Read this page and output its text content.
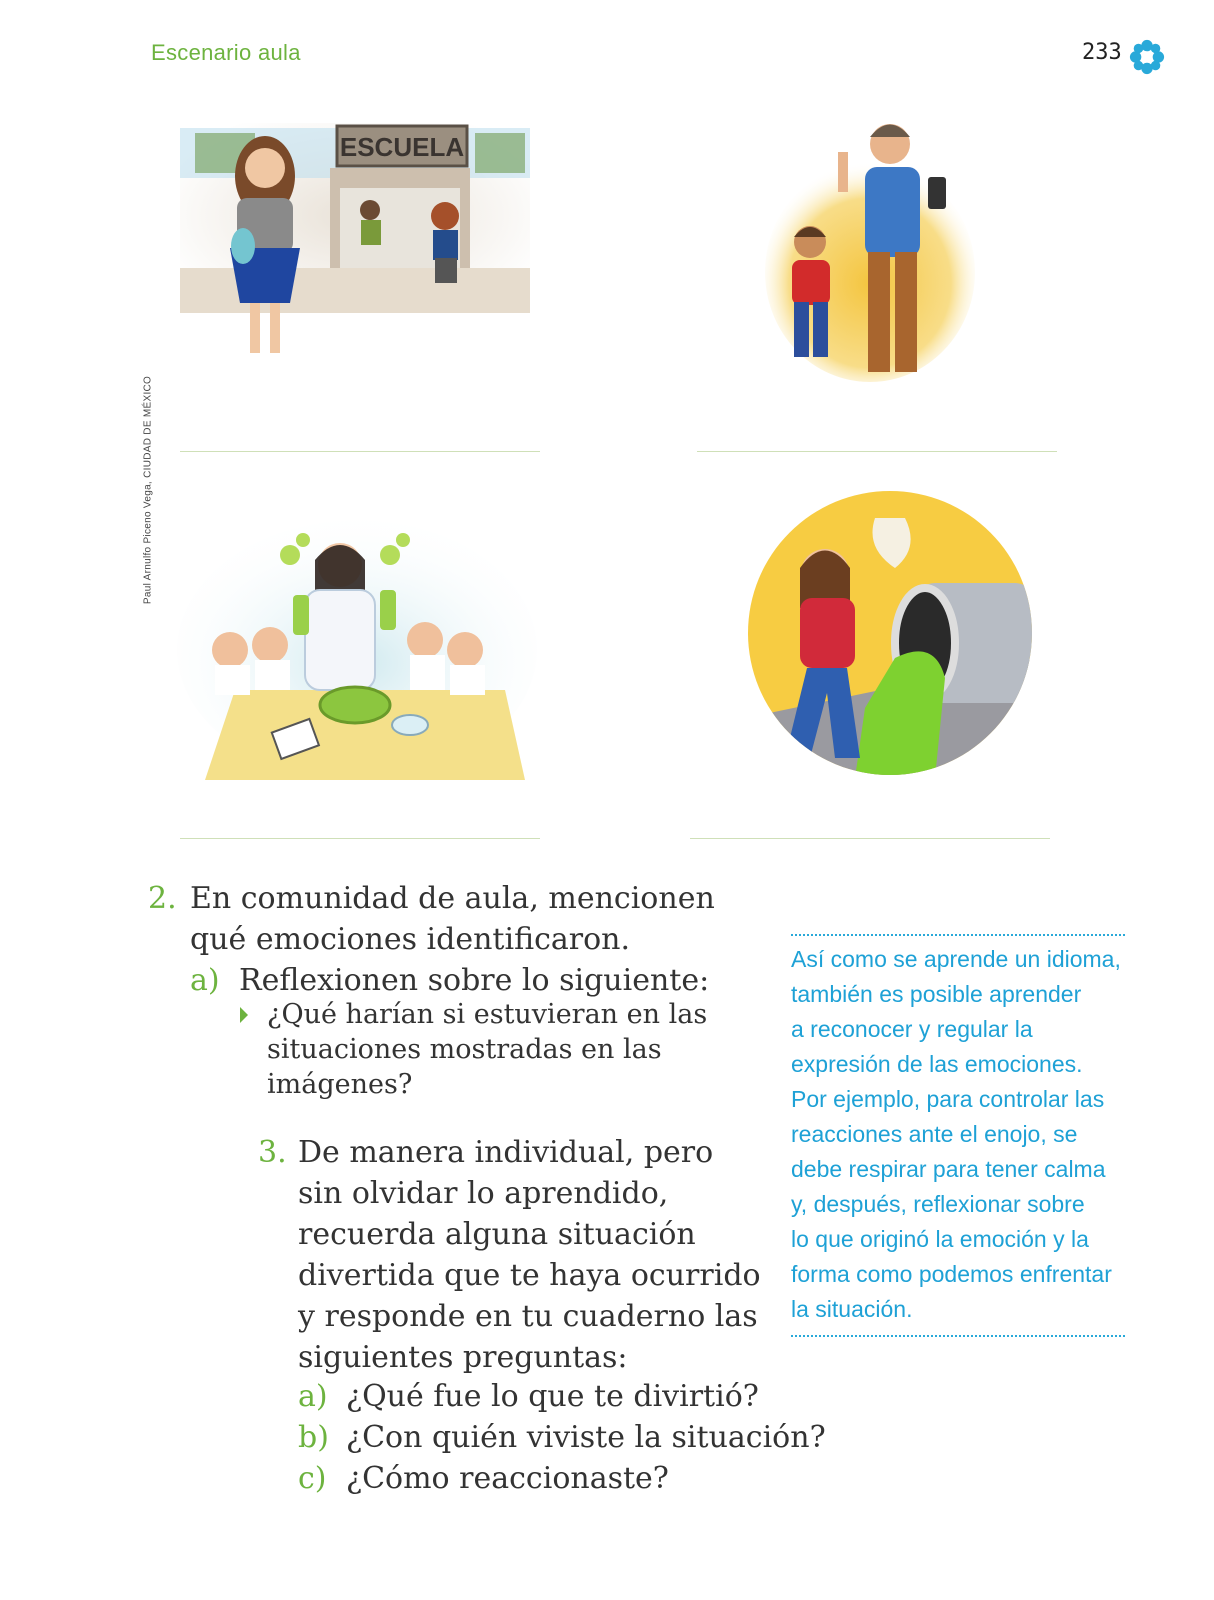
Escenario aula	233
Paul Arnulfo Piceno Vega, CIUDAD DE MÉXICO
ESCUELA
2. En comunidad de aula, mencionen
qué emociones identificaron.
a) Reflexionen sobre lo siguiente:
¿Qué harían si estuvieran en las
situaciones mostradas en las
imágenes?
3. De manera individual, pero
sin olvidar lo aprendido,
recuerda alguna situación
divertida que te haya ocurrido
y responde en tu cuaderno las
siguientes preguntas:
a) ¿Qué fue lo que te divirtió?
b) ¿Con quién viviste la situación?
c) ¿Cómo reaccionaste?

Así como se aprende un idioma,

también es posible aprender

a reconocer y regular la

expresión de las emociones.

Por ejemplo, para controlar las

reacciones ante el enojo, se

debe respirar para tener calma

y, después, reflexionar sobre

lo que originó la emoción y la

forma como podemos enfrentar

la situación.
